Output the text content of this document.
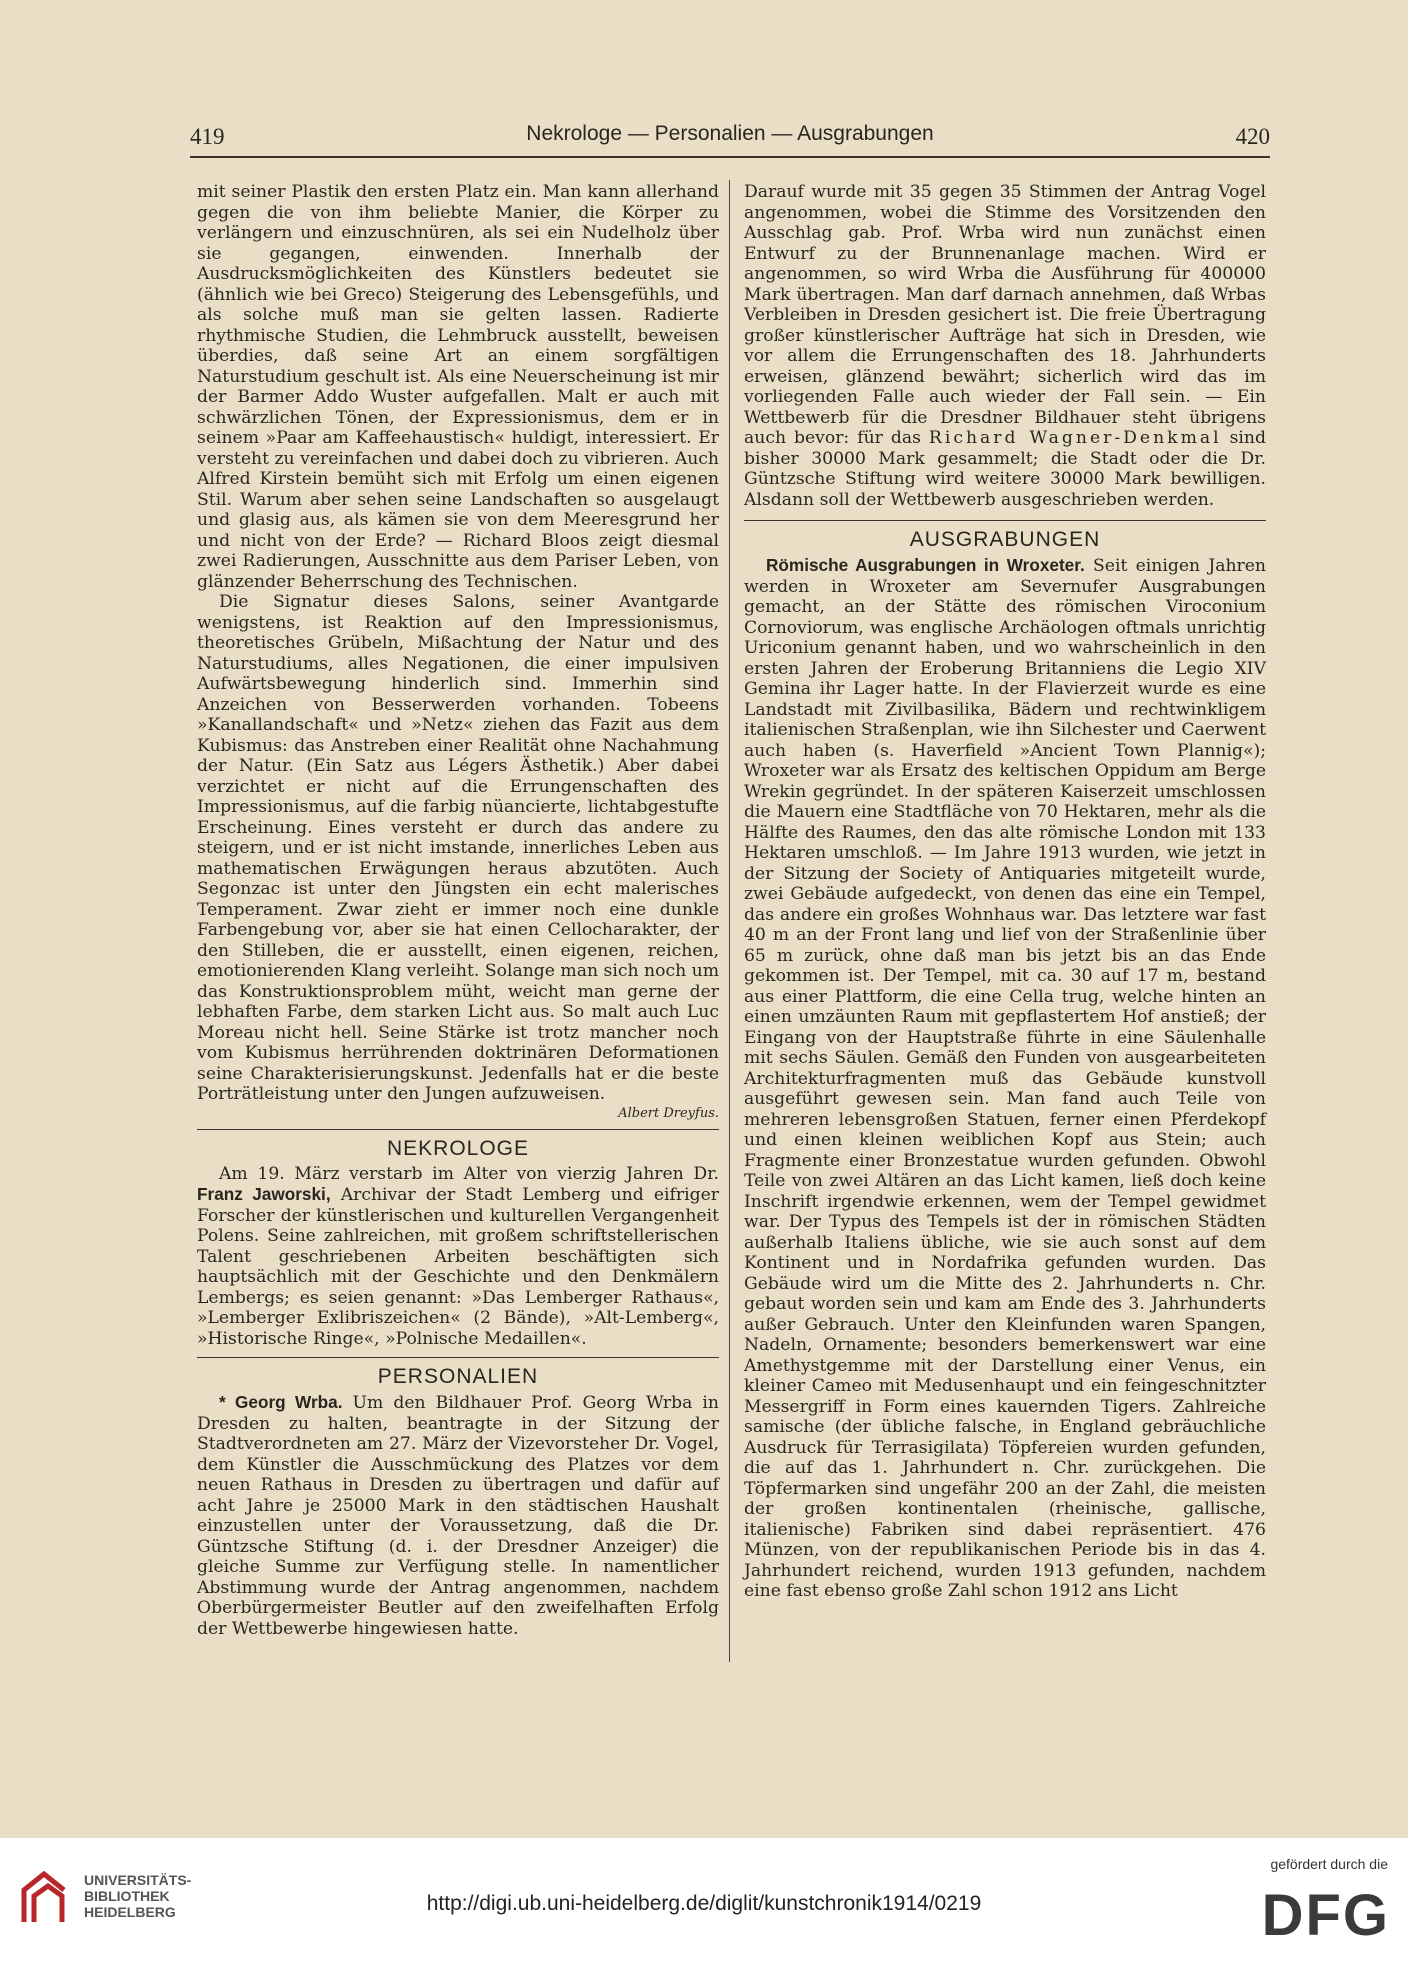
419	Nekrologe — Personalien — Ausgrabungen	420

mit seiner Plastik den ersten Platz ein. Man kann allerhand gegen die von ihm beliebte Manier, die Körper zu verlängern und einzuschnüren, als sei ein Nudelholz über sie gegangen, einwenden. Innerhalb der Ausdrucksmöglichkeiten des Künstlers bedeutet sie (ähnlich wie bei Greco) Steigerung des Lebensgefühls, und als solche muß man sie gelten lassen. Radierte rhythmische Studien, die Lehmbruck ausstellt, beweisen überdies, daß seine Art an einem sorgfältigen Naturstudium geschult ist. Als eine Neuerscheinung ist mir der Barmer Addo Wuster aufgefallen. Malt er auch mit schwärzlichen Tönen, der Expressionismus, dem er in seinem »Paar am Kaffeehaustisch« huldigt, interessiert. Er versteht zu vereinfachen und dabei doch zu vibrieren. Auch Alfred Kirstein bemüht sich mit Erfolg um einen eigenen Stil. Warum aber sehen seine Landschaften so ausgelaugt und glasig aus, als kämen sie von dem Meeresgrund her und nicht von der Erde? — Richard Bloos zeigt diesmal zwei Radierungen, Ausschnitte aus dem Pariser Leben, von glänzender Beherrschung des Technischen.

Die Signatur dieses Salons, seiner Avantgarde wenigstens, ist Reaktion auf den Impressionismus, theoretisches Grübeln, Mißachtung der Natur und des Naturstudiums, alles Negationen, die einer impulsiven Aufwärtsbewegung hinderlich sind. Immerhin sind Anzeichen von Besserwerden vorhanden. Tobeens »Kanallandschaft« und »Netz« ziehen das Fazit aus dem Kubismus: das Anstreben einer Realität ohne Nachahmung der Natur. (Ein Satz aus Légers Ästhetik.) Aber dabei verzichtet er nicht auf die Errungenschaften des Impressionismus, auf die farbig nüancierte, lichtabgestufte Erscheinung. Eines versteht er durch das andere zu steigern, und er ist nicht imstande, innerliches Leben aus mathematischen Erwägungen heraus abzutöten. Auch Segonzac ist unter den Jüngsten ein echt malerisches Temperament. Zwar zieht er immer noch eine dunkle Farbengebung vor, aber sie hat einen Cellocharakter, der den Stilleben, die er ausstellt, einen eigenen, reichen, emotionierenden Klang verleiht. Solange man sich noch um das Konstruktionsproblem müht, weicht man gerne der lebhaften Farbe, dem starken Licht aus. So malt auch Luc Moreau nicht hell. Seine Stärke ist trotz mancher noch vom Kubismus herrührenden doktrinären Deformationen seine Charakterisierungskunst. Jedenfalls hat er die beste Porträtleistung unter den Jungen aufzuweisen.

Albert Dreyfus.
NEKROLOGE

Am 19. März verstarb im Alter von vierzig Jahren Dr. Franz Jaworski, Archivar der Stadt Lemberg und eifriger Forscher der künstlerischen und kulturellen Vergangenheit Polens. Seine zahlreichen, mit großem schriftstellerischen Talent geschriebenen Arbeiten beschäftigten sich hauptsächlich mit der Geschichte und den Denkmälern Lembergs; es seien genannt: »Das Lemberger Rathaus«, »Lemberger Exlibriszeichen« (2 Bände), »Alt-Lemberg«, »Historische Ringe«, »Polnische Medaillen«.

PERSONALIEN

* Georg Wrba. Um den Bildhauer Prof. Georg Wrba in Dresden zu halten, beantragte in der Sitzung der Stadtverordneten am 27. März der Vizevorsteher Dr. Vogel, dem Künstler die Ausschmückung des Platzes vor dem neuen Rathaus in Dresden zu übertragen und dafür auf acht Jahre je 25000 Mark in den städtischen Haushalt einzustellen unter der Voraussetzung, daß die Dr. Güntzsche Stiftung (d. i. der Dresdner Anzeiger) die gleiche Summe zur Verfügung stelle. In namentlicher Abstimmung wurde der Antrag angenommen, nachdem Oberbürgermeister Beutler auf den zweifelhaften Erfolg der Wettbewerbe hingewiesen hatte.

Darauf wurde mit 35 gegen 35 Stimmen der Antrag Vogel angenommen, wobei die Stimme des Vorsitzenden den Ausschlag gab. Prof. Wrba wird nun zunächst einen Entwurf zu der Brunnenanlage machen. Wird er angenommen, so wird Wrba die Ausführung für 400000 Mark übertragen. Man darf darnach annehmen, daß Wrbas Verbleiben in Dresden gesichert ist. Die freie Übertragung großer künstlerischer Aufträge hat sich in Dresden, wie vor allem die Errungenschaften des 18. Jahrhunderts erweisen, glänzend bewährt; sicherlich wird das im vorliegenden Falle auch wieder der Fall sein. — Ein Wettbewerb für die Dresdner Bildhauer steht übrigens auch bevor: für das Richard Wagner-Denkmal sind bisher 30000 Mark gesammelt; die Stadt oder die Dr. Güntzsche Stiftung wird weitere 30000 Mark bewilligen. Alsdann soll der Wettbewerb ausgeschrieben werden.

AUSGRABUNGEN

Römische Ausgrabungen in Wroxeter. Seit einigen Jahren werden in Wroxeter am Severnufer Ausgrabungen gemacht, an der Stätte des römischen Viroconium Cornoviorum, was englische Archäologen oftmals unrichtig Uriconium genannt haben, und wo wahrscheinlich in den ersten Jahren der Eroberung Britanniens die Legio XIV Gemina ihr Lager hatte. In der Flavierzeit wurde es eine Landstadt mit Zivilbasilika, Bädern und rechtwinkligem italienischen Straßenplan, wie ihn Silchester und Caerwent auch haben (s. Haverfield »Ancient Town Plannig«); Wroxeter war als Ersatz des keltischen Oppidum am Berge Wrekin gegründet. In der späteren Kaiserzeit umschlossen die Mauern eine Stadtfläche von 70 Hektaren, mehr als die Hälfte des Raumes, den das alte römische London mit 133 Hektaren umschloß. — Im Jahre 1913 wurden, wie jetzt in der Sitzung der Society of Antiquaries mitgeteilt wurde, zwei Gebäude aufgedeckt, von denen das eine ein Tempel, das andere ein großes Wohnhaus war. Das letztere war fast 40 m an der Front lang und lief von der Straßenlinie über 65 m zurück, ohne daß man bis jetzt bis an das Ende gekommen ist. Der Tempel, mit ca. 30 auf 17 m, bestand aus einer Plattform, die eine Cella trug, welche hinten an einen umzäunten Raum mit gepflastertem Hof anstieß; der Eingang von der Hauptstraße führte in eine Säulenhalle mit sechs Säulen. Gemäß den Funden von ausgearbeiteten Architekturfragmenten muß das Gebäude kunstvoll ausgeführt gewesen sein. Man fand auch Teile von mehreren lebensgroßen Statuen, ferner einen Pferdekopf und einen kleinen weiblichen Kopf aus Stein; auch Fragmente einer Bronzestatue wurden gefunden. Obwohl Teile von zwei Altären an das Licht kamen, ließ doch keine Inschrift irgendwie erkennen, wem der Tempel gewidmet war. Der Typus des Tempels ist der in römischen Städten außerhalb Italiens übliche, wie sie auch sonst auf dem Kontinent und in Nordafrika gefunden wurden. Das Gebäude wird um die Mitte des 2. Jahrhunderts n. Chr. gebaut worden sein und kam am Ende des 3. Jahrhunderts außer Gebrauch. Unter den Kleinfunden waren Spangen, Nadeln, Ornamente; besonders bemerkenswert war eine Amethystgemme mit der Darstellung einer Venus, ein kleiner Cameo mit Medusenhaupt und ein feingeschnitzter Messergriff in Form eines kauernden Tigers. Zahlreiche samische (der übliche falsche, in England gebräuchliche Ausdruck für Terrasigilata) Töpfereien wurden gefunden, die auf das 1. Jahrhundert n. Chr. zurückgehen. Die Töpfermarken sind ungefähr 200 an der Zahl, die meisten der großen kontinentalen (rheinische, gallische, italienische) Fabriken sind dabei repräsentiert. 476 Münzen, von der republikanischen Periode bis in das 4. Jahrhundert reichend, wurden 1913 gefunden, nachdem eine fast ebenso große Zahl schon 1912 ans Licht

UNIVERSITÄTS-
BIBLIOTHEK
HEIDELBERG	http://digi.ub.uni-heidelberg.de/diglit/kunstchronik1914/0219
gefördert durch die
DFG
